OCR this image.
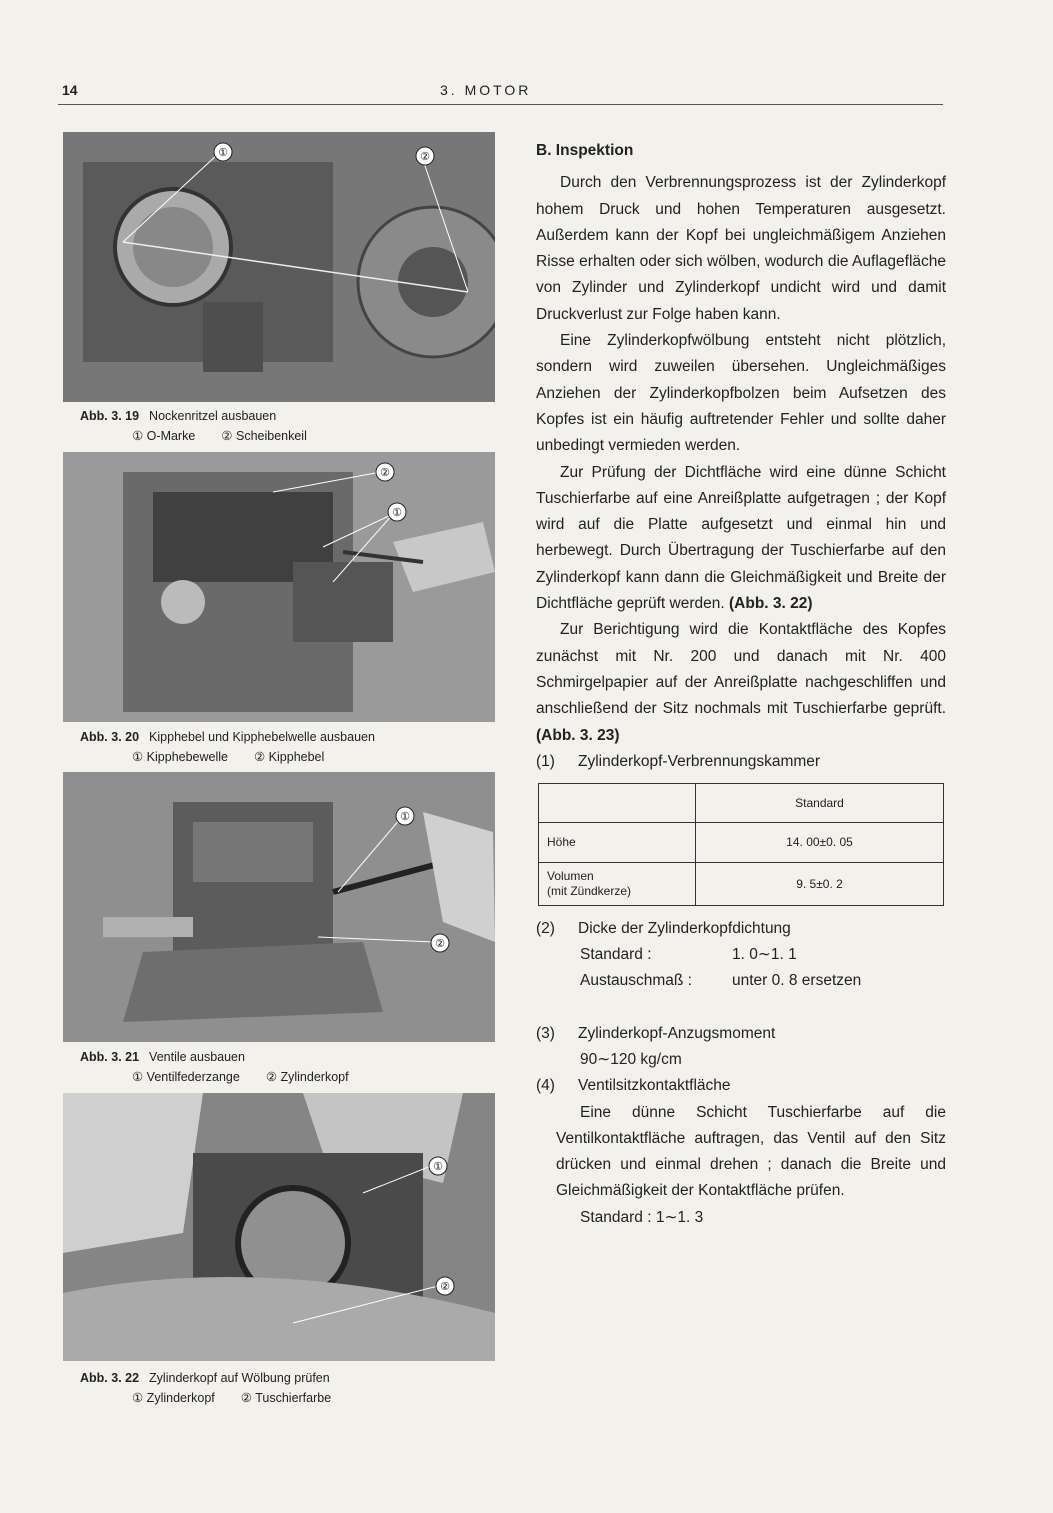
14	3. MOTOR
①	②
Abb. 3. 19 Nockenritzel ausbauen
① O-Marke ② Scheibenkeil
②
①
Abb. 3. 20 Kipphebel und Kipphebelwelle ausbauen
① Kipphebewelle ② Kipphebel
①
②
Abb. 3. 21 Ventile ausbauen
① Ventilfederzange ② Zylinderkopf
①
②
Abb. 3. 22 Zylinderkopf auf Wölbung prüfen
① Zylinderkopf ② Tuschierfarbe
B. Inspektion

Durch den Verbrennungsprozess ist der Zylinderkopf hohem Druck und hohen Temperaturen ausgesetzt. Außerdem kann der Kopf bei ungleichmäßigem Anziehen Risse erhalten oder sich wölben, wodurch die Auflagefläche von Zylinder und Zylinderkopf undicht wird und damit Druckverlust zur Folge haben kann.

Eine Zylinderkopfwölbung entsteht nicht plötzlich, sondern wird zuweilen übersehen. Ungleichmäßiges Anziehen der Zylinderkopfbolzen beim Aufsetzen des Kopfes ist ein häufig auftretender Fehler und sollte daher unbedingt vermieden werden.

Zur Prüfung der Dichtfläche wird eine dünne Schicht Tuschierfarbe auf eine Anreißplatte aufgetragen ; der Kopf wird auf die Platte aufgesetzt und einmal hin und herbewegt. Durch Übertragung der Tuschierfarbe auf den Zylinderkopf kann dann die Gleichmäßigkeit und Breite der Dichtfläche geprüft werden. (Abb. 3. 22)

Zur Berichtigung wird die Kontaktfläche des Kopfes zunächst mit Nr. 200 und danach mit Nr. 400 Schmirgelpapier auf der Anreißplatte nachgeschliffen und anschließend der Sitz nochmals mit Tuschierfarbe geprüft. (Abb. 3. 23)

(1)	Zylinderkopf-Verbrennungskammer
	Standard
Höhe	14. 00±0. 05

Volumen
(mit Zündkerze)	9. 5±0. 2
(2)	Dicke der Zylinderkopfdichtung
Standard :	1. 0∼1. 1
Austauschmaß :	unter 0. 8 ersetzen
(3)	Zylinderkopf-Anzugsmoment
90∼120 kg/cm
(4)	Ventilsitzkontaktfläche

Eine dünne Schicht Tuschierfarbe auf die Ventilkontaktfläche auftragen, das Ventil auf den Sitz drücken und einmal drehen ; danach die Breite und Gleichmäßigkeit der Kontaktfläche prüfen.

Standard : 1∼1. 3
